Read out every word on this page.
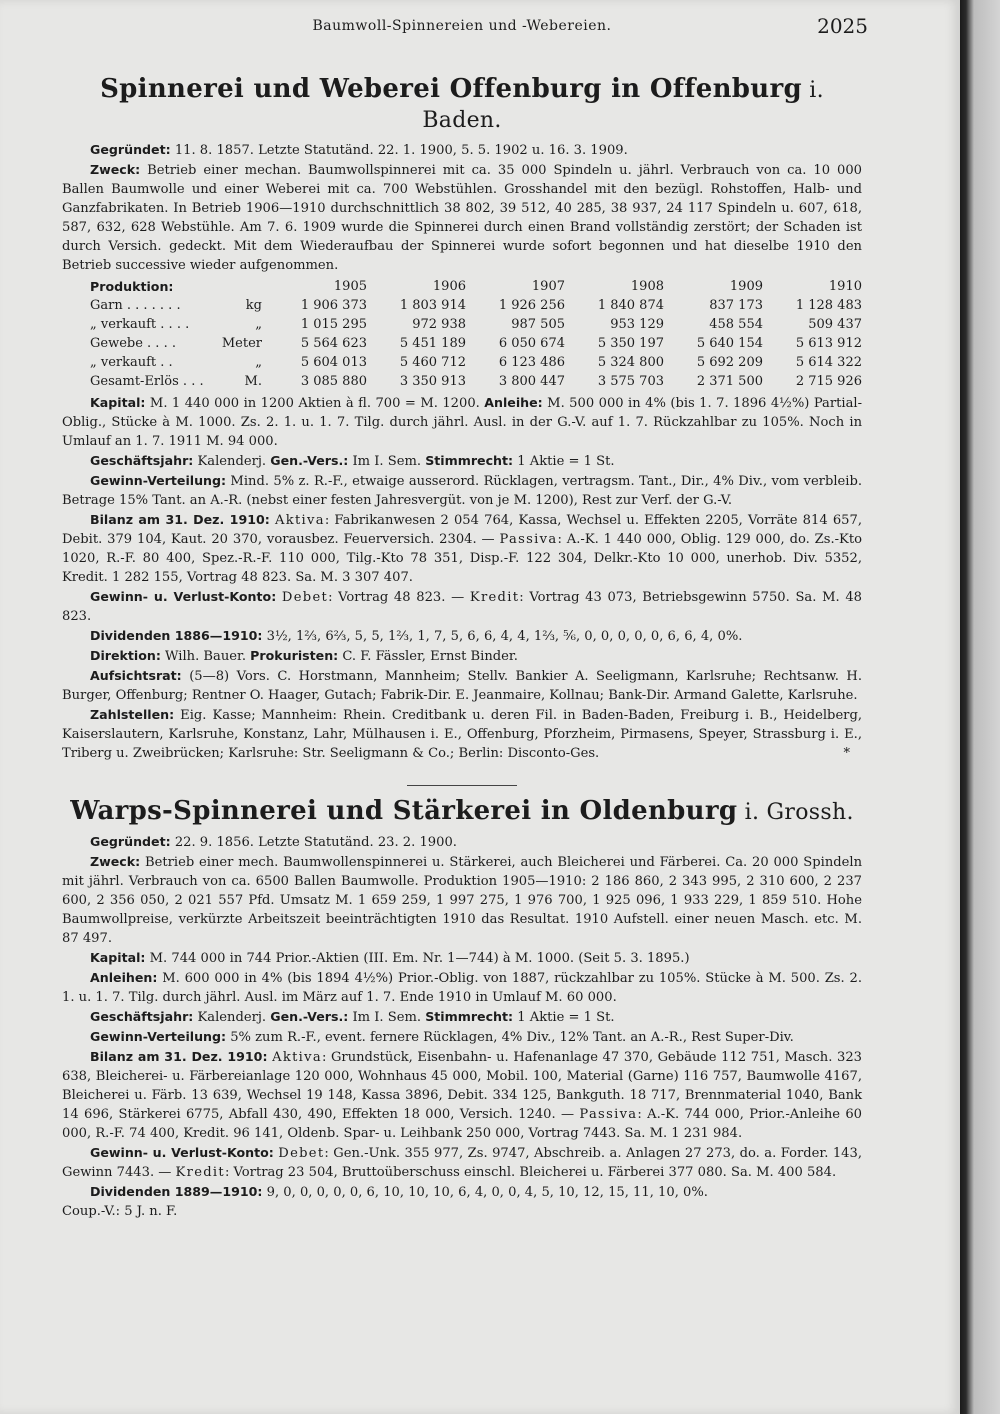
Baumwoll-Spinnereien und -Webereien.	2025
Spinnerei und Weberei Offenburg in Offenburg i. Baden.

Gegründet: 11. 8. 1857. Letzte Statutänd. 22. 1. 1900, 5. 5. 1902 u. 16. 3. 1909.

Zweck: Betrieb einer mechan. Baumwollspinnerei mit ca. 35 000 Spindeln u. jährl. Verbrauch von ca. 10 000 Ballen Baumwolle und einer Weberei mit ca. 700 Webstühlen. Grosshandel mit den bezügl. Rohstoffen, Halb- und Ganzfabrikaten. In Betrieb 1906—1910 durchschnittlich 38 802, 39 512, 40 285, 38 937, 24 117 Spindeln u. 607, 618, 587, 632, 628 Webstühle. Am 7. 6. 1909 wurde die Spinnerei durch einen Brand vollständig zerstört; der Schaden ist durch Versich. gedeckt. Mit dem Wiederaufbau der Spinnerei wurde sofort begonnen und hat dieselbe 1910 den Betrieb successive wieder aufgenommen.

Produktion:		1905	1906	1907	1908	1909	1910
Garn . . . . . . .	kg	1 906 373	1 803 914	1 926 256	1 840 874	837 173	1 128 483
„ verkauft . . . .	„	1 015 295	972 938	987 505	953 129	458 554	509 437
Gewebe . . . .	Meter	5 564 623	5 451 189	6 050 674	5 350 197	5 640 154	5 613 912
„ verkauft . .	„	5 604 013	5 460 712	6 123 486	5 324 800	5 692 209	5 614 322
Gesamt-Erlös . . .	M.	3 085 880	3 350 913	3 800 447	3 575 703	2 371 500	2 715 926

Kapital: M. 1 440 000 in 1200 Aktien à fl. 700 = M. 1200. Anleihe: M. 500 000 in 4% (bis 1. 7. 1896 4½%) Partial-Oblig., Stücke à M. 1000. Zs. 2. 1. u. 1. 7. Tilg. durch jährl. Ausl. in der G.-V. auf 1. 7. Rückzahlbar zu 105%. Noch in Umlauf an 1. 7. 1911 M. 94 000.

Geschäftsjahr: Kalenderj. Gen.-Vers.: Im I. Sem. Stimmrecht: 1 Aktie = 1 St.

Gewinn-Verteilung: Mind. 5% z. R.-F., etwaige ausserord. Rücklagen, vertragsm. Tant., Dir., 4% Div., vom verbleib. Betrage 15% Tant. an A.-R. (nebst einer festen Jahresvergüt. von je M. 1200), Rest zur Verf. der G.-V.

Bilanz am 31. Dez. 1910: Aktiva: Fabrikanwesen 2 054 764, Kassa, Wechsel u. Effekten 2205, Vorräte 814 657, Debit. 379 104, Kaut. 20 370, vorausbez. Feuerversich. 2304. — Passiva: A.-K. 1 440 000, Oblig. 129 000, do. Zs.-Kto 1020, R.-F. 80 400, Spez.-R.-F. 110 000, Tilg.-Kto 78 351, Disp.-F. 122 304, Delkr.-Kto 10 000, unerhob. Div. 5352, Kredit. 1 282 155, Vortrag 48 823. Sa. M. 3 307 407.

Gewinn- u. Verlust-Konto: Debet: Vortrag 48 823. — Kredit: Vortrag 43 073, Betriebsgewinn 5750. Sa. M. 48 823.

Dividenden 1886—1910: 3½, 1⅔, 6⅔, 5, 5, 1⅔, 1, 7, 5, 6, 6, 4, 4, 1⅔, ⅚, 0, 0, 0, 0, 0, 6, 6, 4, 0%.

Direktion: Wilh. Bauer. Prokuristen: C. F. Fässler, Ernst Binder.

Aufsichtsrat: (5—8) Vors. C. Horstmann, Mannheim; Stellv. Bankier A. Seeligmann, Karlsruhe; Rechtsanw. H. Burger, Offenburg; Rentner O. Haager, Gutach; Fabrik-Dir. E. Jeanmaire, Kollnau; Bank-Dir. Armand Galette, Karlsruhe.

Zahlstellen: Eig. Kasse; Mannheim: Rhein. Creditbank u. deren Fil. in Baden-Baden, Freiburg i. B., Heidelberg, Kaiserslautern, Karlsruhe, Konstanz, Lahr, Mülhausen i. E., Offenburg, Pforzheim, Pirmasens, Speyer, Strassburg i. E., Triberg u. Zweibrücken; Karlsruhe: Str. Seeligmann & Co.; Berlin: Disconto-Ges.	*

Warps-Spinnerei und Stärkerei in Oldenburg i. Grossh.

Gegründet: 22. 9. 1856. Letzte Statutänd. 23. 2. 1900.

Zweck: Betrieb einer mech. Baumwollenspinnerei u. Stärkerei, auch Bleicherei und Färberei. Ca. 20 000 Spindeln mit jährl. Verbrauch von ca. 6500 Ballen Baumwolle. Produktion 1905—1910: 2 186 860, 2 343 995, 2 310 600, 2 237 600, 2 356 050, 2 021 557 Pfd. Umsatz M. 1 659 259, 1 997 275, 1 976 700, 1 925 096, 1 933 229, 1 859 510. Hohe Baumwollpreise, verkürzte Arbeitszeit beeinträchtigten 1910 das Resultat. 1910 Aufstell. einer neuen Masch. etc. M. 87 497.

Kapital: M. 744 000 in 744 Prior.-Aktien (III. Em. Nr. 1—744) à M. 1000. (Seit 5. 3. 1895.)

Anleihen: M. 600 000 in 4% (bis 1894 4½%) Prior.-Oblig. von 1887, rückzahlbar zu 105%. Stücke à M. 500. Zs. 2. 1. u. 1. 7. Tilg. durch jährl. Ausl. im März auf 1. 7. Ende 1910 in Umlauf M. 60 000.

Geschäftsjahr: Kalenderj. Gen.-Vers.: Im I. Sem. Stimmrecht: 1 Aktie = 1 St.

Gewinn-Verteilung: 5% zum R.-F., event. fernere Rücklagen, 4% Div., 12% Tant. an A.-R., Rest Super-Div.

Bilanz am 31. Dez. 1910: Aktiva: Grundstück, Eisenbahn- u. Hafenanlage 47 370, Gebäude 112 751, Masch. 323 638, Bleicherei- u. Färbereianlage 120 000, Wohnhaus 45 000, Mobil. 100, Material (Garne) 116 757, Baumwolle 4167, Bleicherei u. Färb. 13 639, Wechsel 19 148, Kassa 3896, Debit. 334 125, Bankguth. 18 717, Brennmaterial 1040, Bank 14 696, Stärkerei 6775, Abfall 430, 490, Effekten 18 000, Versich. 1240. — Passiva: A.-K. 744 000, Prior.-Anleihe 60 000, R.-F. 74 400, Kredit. 96 141, Oldenb. Spar- u. Leihbank 250 000, Vortrag 7443. Sa. M. 1 231 984.

Gewinn- u. Verlust-Konto: Debet: Gen.-Unk. 355 977, Zs. 9747, Abschreib. a. Anlagen 27 273, do. a. Forder. 143, Gewinn 7443. — Kredit: Vortrag 23 504, Bruttoüberschuss einschl. Bleicherei u. Färberei 377 080. Sa. M. 400 584.

Dividenden 1889—1910: 9, 0, 0, 0, 0, 0, 6, 10, 10, 10, 6, 4, 0, 0, 4, 5, 10, 12, 15, 11, 10, 0%.

Coup.-V.: 5 J. n. F.
